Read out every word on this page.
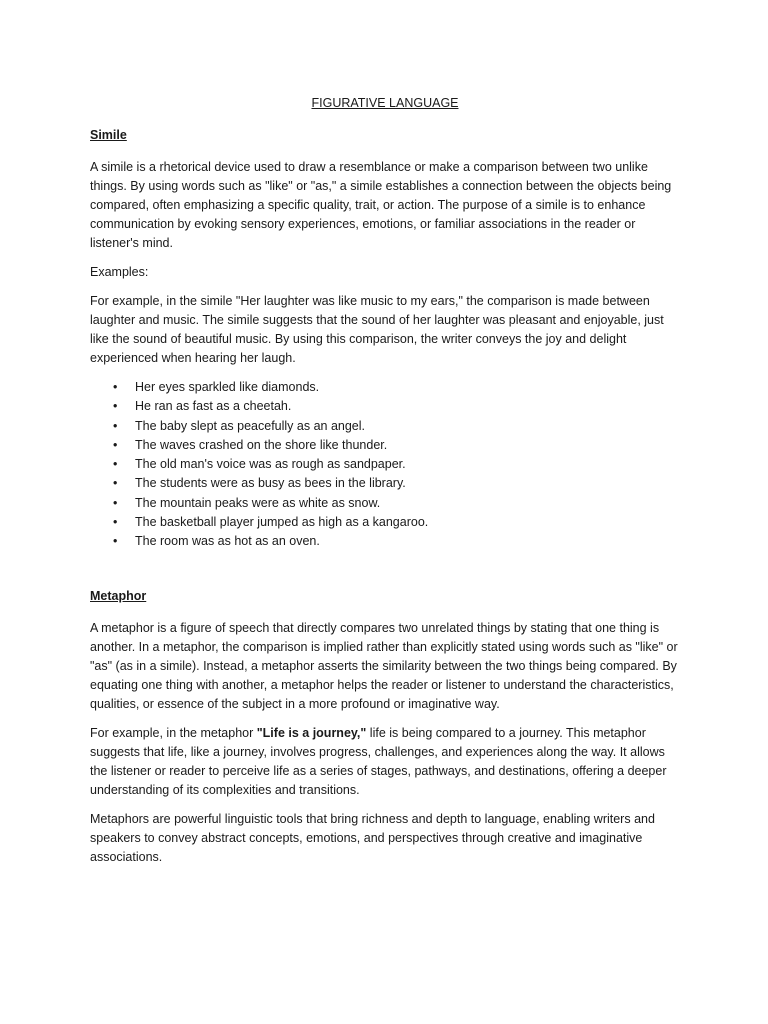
FIGURATIVE LANGUAGE
Simile

A simile is a rhetorical device used to draw a resemblance or make a comparison between two unlike things. By using words such as "like" or "as," a simile establishes a connection between the objects being compared, often emphasizing a specific quality, trait, or action. The purpose of a simile is to enhance communication by evoking sensory experiences, emotions, or familiar associations in the reader or listener's mind.

Examples:

For example, in the simile "Her laughter was like music to my ears," the comparison is made between laughter and music. The simile suggests that the sound of her laughter was pleasant and enjoyable, just like the sound of beautiful music. By using this comparison, the writer conveys the joy and delight experienced when hearing her laugh.

• Her eyes sparkled like diamonds.
• He ran as fast as a cheetah.
• The baby slept as peacefully as an angel.
• The waves crashed on the shore like thunder.
• The old man's voice was as rough as sandpaper.
• The students were as busy as bees in the library.
• The mountain peaks were as white as snow.
• The basketball player jumped as high as a kangaroo.
• The room was as hot as an oven.
Metaphor

A metaphor is a figure of speech that directly compares two unrelated things by stating that one thing is another. In a metaphor, the comparison is implied rather than explicitly stated using words such as "like" or "as" (as in a simile). Instead, a metaphor asserts the similarity between the two things being compared. By equating one thing with another, a metaphor helps the reader or listener to understand the characteristics, qualities, or essence of the subject in a more profound or imaginative way.

For example, in the metaphor "Life is a journey," life is being compared to a journey. This metaphor suggests that life, like a journey, involves progress, challenges, and experiences along the way. It allows the listener or reader to perceive life as a series of stages, pathways, and destinations, offering a deeper understanding of its complexities and transitions.

Metaphors are powerful linguistic tools that bring richness and depth to language, enabling writers and speakers to convey abstract concepts, emotions, and perspectives through creative and imaginative associations.
